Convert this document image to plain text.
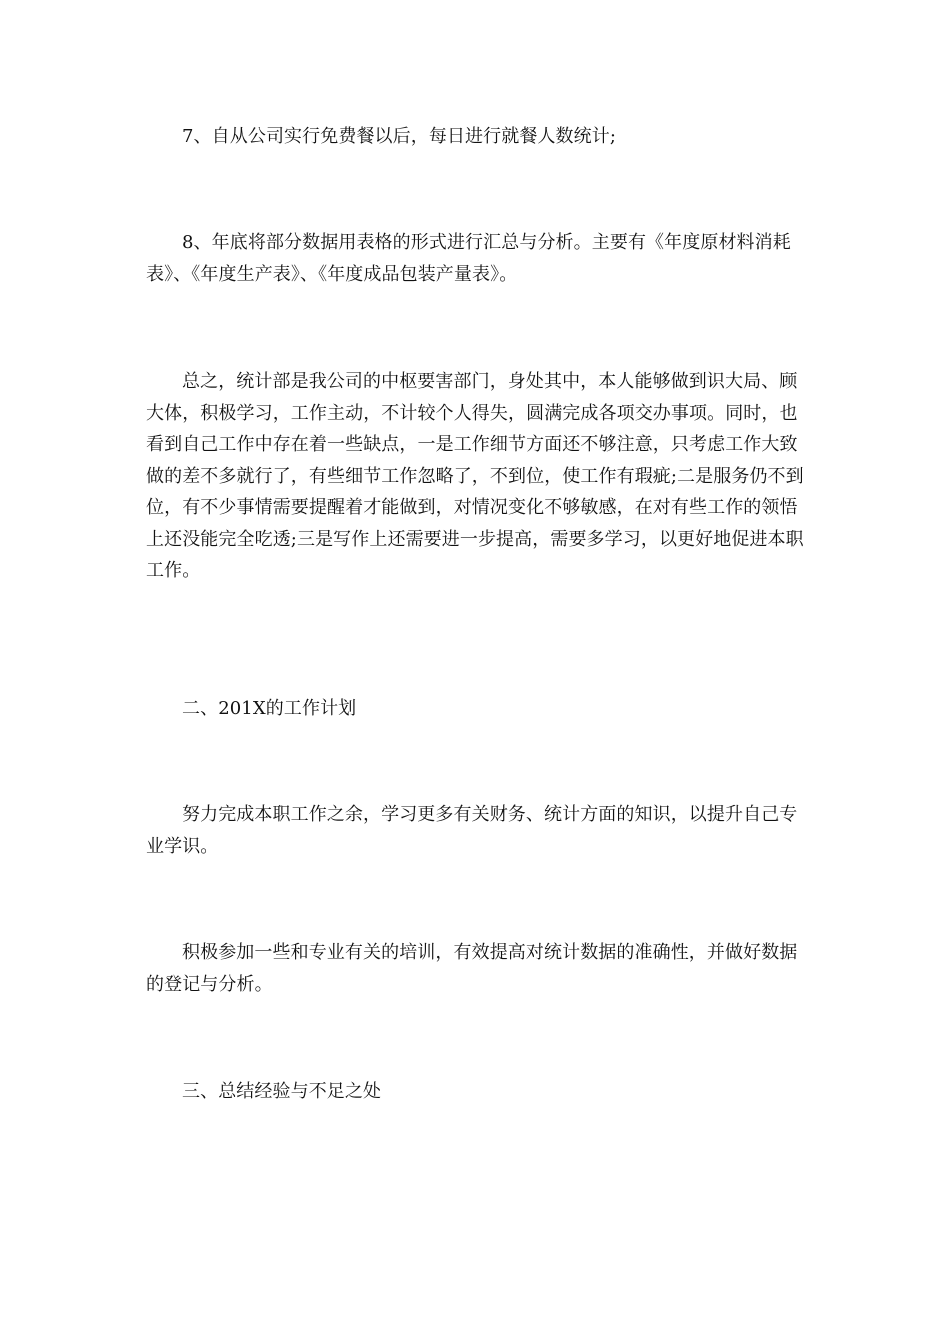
7、自从公司实行免费餐以后，每日进行就餐人数统计;

8、年底将部分数据用表格的形式进行汇总与分析。主要有《年度原材料消耗表》、《年度生产表》、《年度成品包装产量表》。

总之，统计部是我公司的中枢要害部门，身处其中，本人能够做到识大局、顾大体，积极学习，工作主动，不计较个人得失，圆满完成各项交办事项。同时，也看到自己工作中存在着一些缺点，一是工作细节方面还不够注意，只考虑工作大致做的差不多就行了，有些细节工作忽略了，不到位，使工作有瑕疵;二是服务仍不到位，有不少事情需要提醒着才能做到，对情况变化不够敏感，在对有些工作的领悟上还没能完全吃透;三是写作上还需要进一步提高，需要多学习，以更好地促进本职工作。

二、201X的工作计划

努力完成本职工作之余，学习更多有关财务、统计方面的知识，以提升自己专业学识。

积极参加一些和专业有关的培训，有效提高对统计数据的准确性，并做好数据的登记与分析。

三、总结经验与不足之处
